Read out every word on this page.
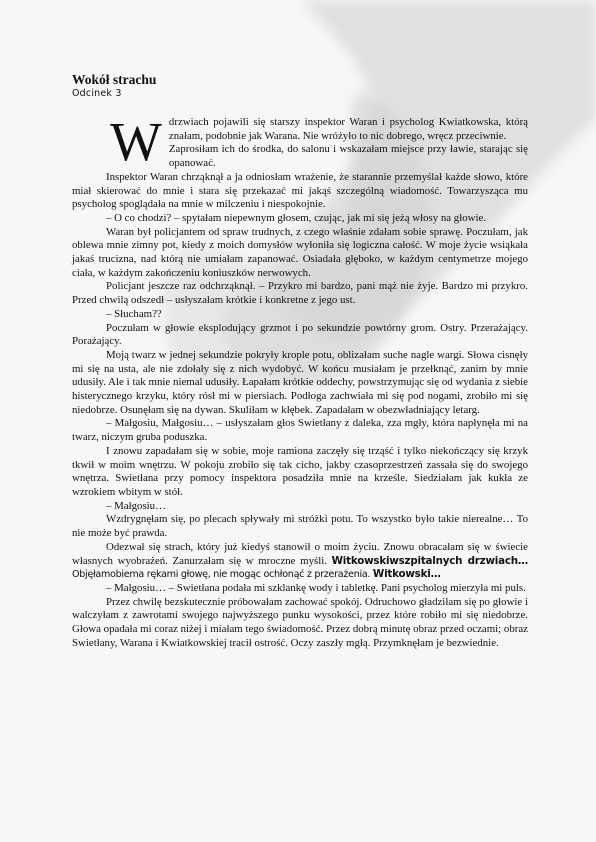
Wokół strachu
Odcinek 3

Wdrzwiach pojawili się starszy inspektor Waran i psycholog Kwiatkowska, którą znałam, podobnie jak Warana. Nie wróżyło to nic dobrego, wręcz przeciwnie.

Zaprosiłam ich do środka, do salonu i wskazałam miejsce przy ławie, starając się opanować.

Inspektor Waran chrząknął a ja odniosłam wrażenie, że starannie przemyślał każde słowo, które miał skierować do mnie i stara się przekazać mi jakąś szczególną wiadomość. Towarzysząca mu psycholog spoglądała na mnie w milczeniu i niespokojnie.

– O co chodzi? – spytałam niepewnym głosem, czując, jak mi się jeżą włosy na głowie.

Waran był policjantem od spraw trudnych, z czego właśnie zdałam sobie sprawę. Poczułam, jak oblewa mnie zimny pot, kiedy z moich domysłów wyłoniła się logiczna całość. W moje życie wsiąkała jakaś trucizna, nad którą nie umiałam zapanować. Osiadała głęboko, w każdym centymetrze mojego ciała, w każdym zakończeniu koniuszków nerwowych.

Policjant jeszcze raz odchrząknął. – Przykro mi bardzo, pani mąż nie żyje. Bardzo mi przykro. Przed chwilą odszedł – usłyszałam krótkie i konkretne z jego ust.

– Słucham??

Poczułam w głowie eksplodujący grzmot i po sekundzie powtórny grom. Ostry. Przerażający. Porażający.

Moją twarz w jednej sekundzie pokryły krople potu, oblizałam suche nagle wargi. Słowa cisnęły mi się na usta, ale nie zdołały się z nich wydobyć. W końcu musiałam je przełknąć, zanim by mnie udusiły. Ale i tak mnie niemal udusiły. Łapałam krótkie oddechy, powstrzymując się od wydania z siebie histerycznego krzyku, który rósł mi w piersiach. Podłoga zachwiała mi się pod nogami, zrobiło mi się niedobrze. Osunęłam się na dywan. Skuliłam w kłębek. Zapadałam w obezwładniający letarg.

– Małgosiu, Małgosiu… – usłyszałam głos Swietłany z daleka, zza mgły, która napłynęła mi na twarz, niczym gruba poduszka.

I znowu zapadałam się w sobie, moje ramiona zaczęły się trząść i tylko niekończący się krzyk tkwił w moim wnętrzu. W pokoju zrobiło się tak cicho, jakby czasoprzestrzeń zassała się do swojego wnętrza. Swietłana przy pomocy inspektora posadziła mnie na krześle. Siedziałam jak kukła ze wzrokiem wbitym w stół.

– Małgosiu…

Wzdrygnęłam się, po plecach spływały mi stróżki potu. To wszystko było takie nierealne… To nie może być prawda.

Odezwał się strach, który już kiedyś stanowił o moim życiu. Znowu obracałam się w świecie własnych wyobrażeń. Zanurzałam się w mroczne myśli. Witkowskiwszpitalnych drzwiach…Objęłamobiema rękami głowę, nie mogąc ochłonąć z przerażenia. Witkowski…

– Małgosiu… – Swietłana podała mi szklankę wody i tabletkę. Pani psycholog mierzyła mi puls.

Przez chwilę bezskutecznie próbowałam zachować spokój. Odruchowo gładziłam się po głowie i walczyłam z zawrotami swojego najwyższego punku wysokości, przez które robiło mi się niedobrze. Głowa opadała mi coraz niżej i miałam tego świadomość. Przez dobrą minutę obraz przed oczami; obraz Swietłany, Warana i Kwiatkowskiej tracił ostrość. Oczy zaszły mgłą. Przymknęłam je bezwiednie.
